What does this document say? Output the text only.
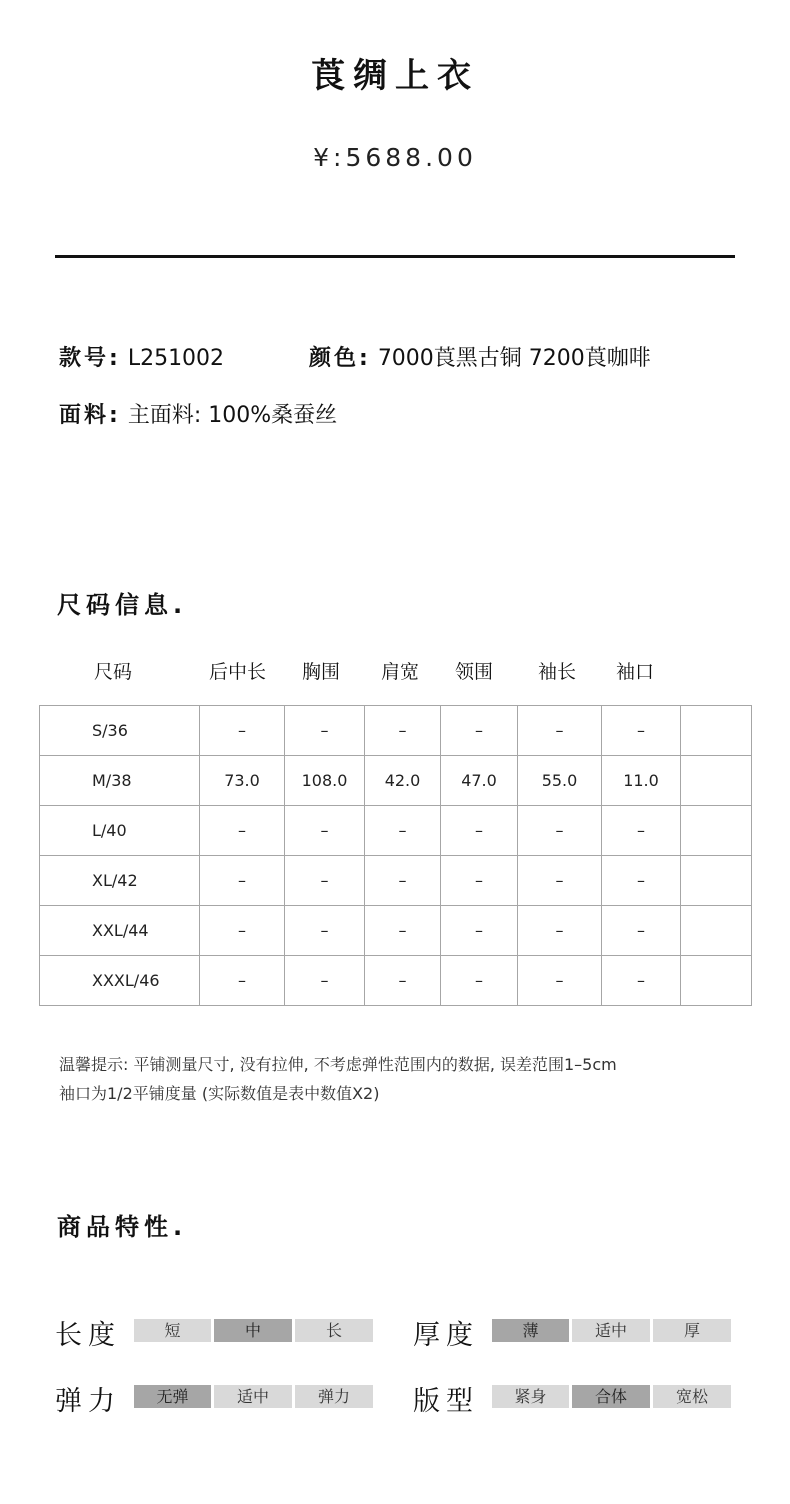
莨绸上衣
¥:5688.00
款号: L251002	颜色: 7000莨黑古铜 7200莨咖啡
面料: 主面料: 100%桑蚕丝
尺码信息.
尺码	后中长 胸围 肩宽 领围 袖长 袖口
S/36	–	–	–	–	–	–	
M/38	73.0	108.0	42.0	47.0	55.0	11.0	
L/40	–	–	–	–	–	–	
XL/42	–	–	–	–	–	–	
XXL/44	–	–	–	–	–	–	
XXXL/46	–	–	–	–	–	–	
温馨提示: 平铺测量尺寸, 没有拉伸, 不考虑弹性范围内的数据, 误差范围1–5cm
袖口为1/2平铺度量 (实际数值是表中数值X2)
商品特性.
长度	短	中	长	厚度	薄	适中	厚
弹力	无弹	适中	弹力	版型	紧身	合体	宽松
